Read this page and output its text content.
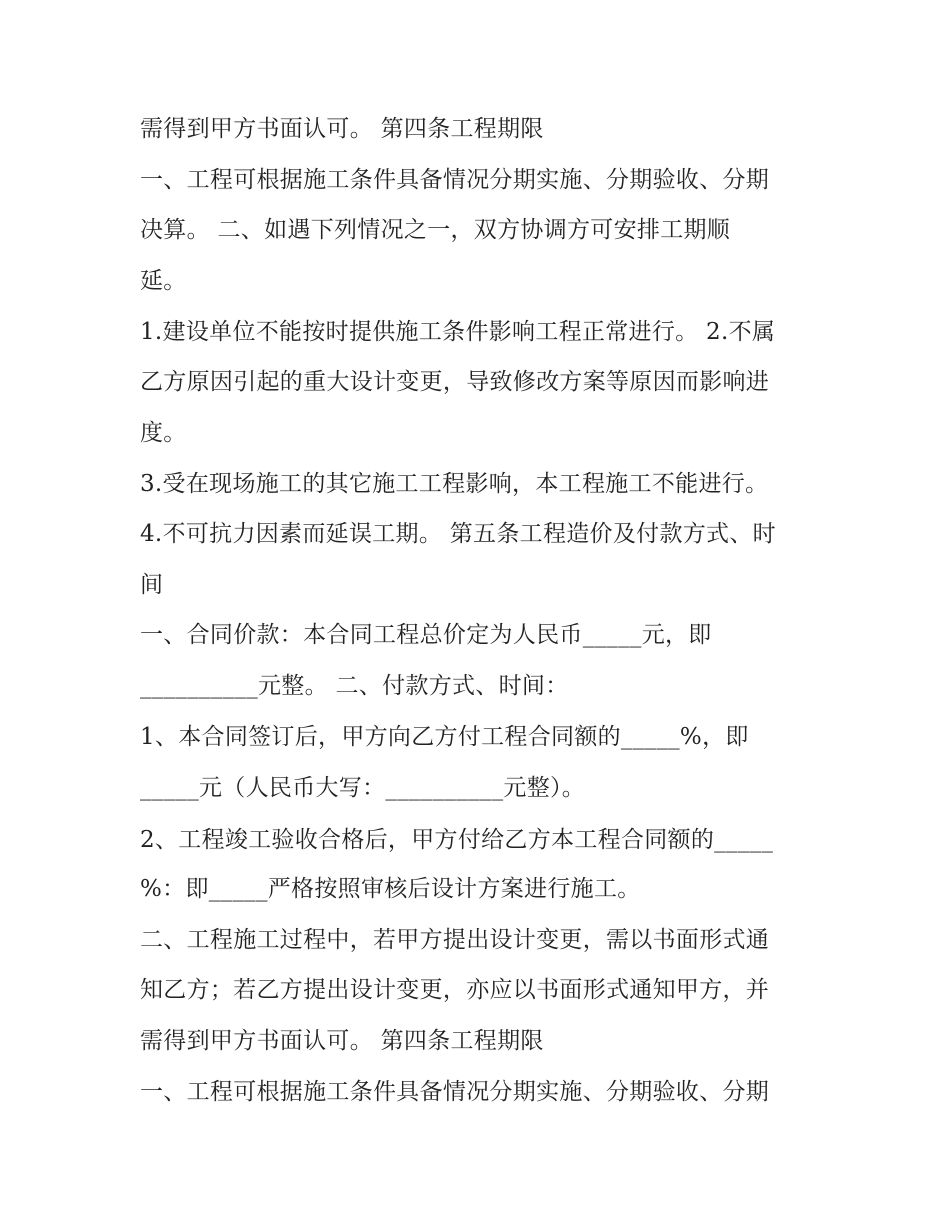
需得到甲方书面认可。 第四条工程期限
一、工程可根据施工条件具备情况分期实施、分期验收、分期
决算。 二、如遇下列情况之一，双方协调方可安排工期顺
延。
1.建设单位不能按时提供施工条件影响工程正常进行。 2.不属
乙方原因引起的重大设计变更，导致修改方案等原因而影响进
度。
3.受在现场施工的其它施工工程影响，本工程施工不能进行。
4.不可抗力因素而延误工期。 第五条工程造价及付款方式、时
间
一、合同价款：本合同工程总价定为人民币_____元，即
__________元整。 二、付款方式、时间：
1、本合同签订后，甲方向乙方付工程合同额的_____%，即
_____元（人民币大写：__________元整）。
2、工程竣工验收合格后，甲方付给乙方本工程合同额的_____
%：即_____严格按照审核后设计方案进行施工。
二、工程施工过程中，若甲方提出设计变更，需以书面形式通
知乙方；若乙方提出设计变更，亦应以书面形式通知甲方，并
需得到甲方书面认可。 第四条工程期限
一、工程可根据施工条件具备情况分期实施、分期验收、分期
